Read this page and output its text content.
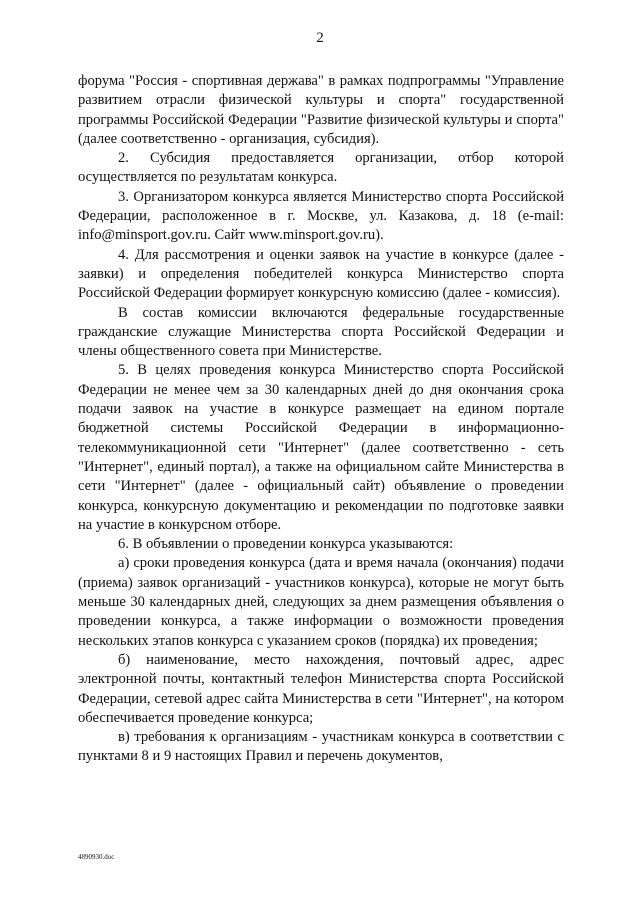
2

форума "Россия - спортивная держава" в рамках подпрограммы "Управление развитием отрасли физической культуры и спорта" государственной программы Российской Федерации "Развитие физической культуры и спорта" (далее соответственно - организация, субсидия).

2. Субсидия предоставляется организации, отбор которой осуществляется по результатам конкурса.

3. Организатором конкурса является Министерство спорта Российской Федерации, расположенное в г. Москве, ул. Казакова, д. 18 (e-mail: info@minsport.gov.ru. Сайт www.minsport.gov.ru).

4. Для рассмотрения и оценки заявок на участие в конкурсе (далее - заявки) и определения победителей конкурса Министерство спорта Российской Федерации формирует конкурсную комиссию (далее - комиссия).

В состав комиссии включаются федеральные государственные гражданские служащие Министерства спорта Российской Федерации и члены общественного совета при Министерстве.

5. В целях проведения конкурса Министерство спорта Российской Федерации не менее чем за 30 календарных дней до дня окончания срока подачи заявок на участие в конкурсе размещает на едином портале бюджетной системы Российской Федерации в информационно-телекоммуникационной сети "Интернет" (далее соответственно - сеть "Интернет", единый портал), а также на официальном сайте Министерства в сети "Интернет" (далее - официальный сайт) объявление о проведении конкурса, конкурсную документацию и рекомендации по подготовке заявки на участие в конкурсном отборе.

6. В объявлении о проведении конкурса указываются:

а) сроки проведения конкурса (дата и время начала (окончания) подачи (приема) заявок организаций - участников конкурса), которые не могут быть меньше 30 календарных дней, следующих за днем размещения объявления о проведении конкурса, а также информации о возможности проведения нескольких этапов конкурса с указанием сроков (порядка) их проведения;

б) наименование, место нахождения, почтовый адрес, адрес электронной почты, контактный телефон Министерства спорта Российской Федерации, сетевой адрес сайта Министерства в сети "Интернет", на котором обеспечивается проведение конкурса;

в) требования к организациям - участникам конкурса в соответствии с пунктами 8 и 9 настоящих Правил и перечень документов,

4890930.doc
